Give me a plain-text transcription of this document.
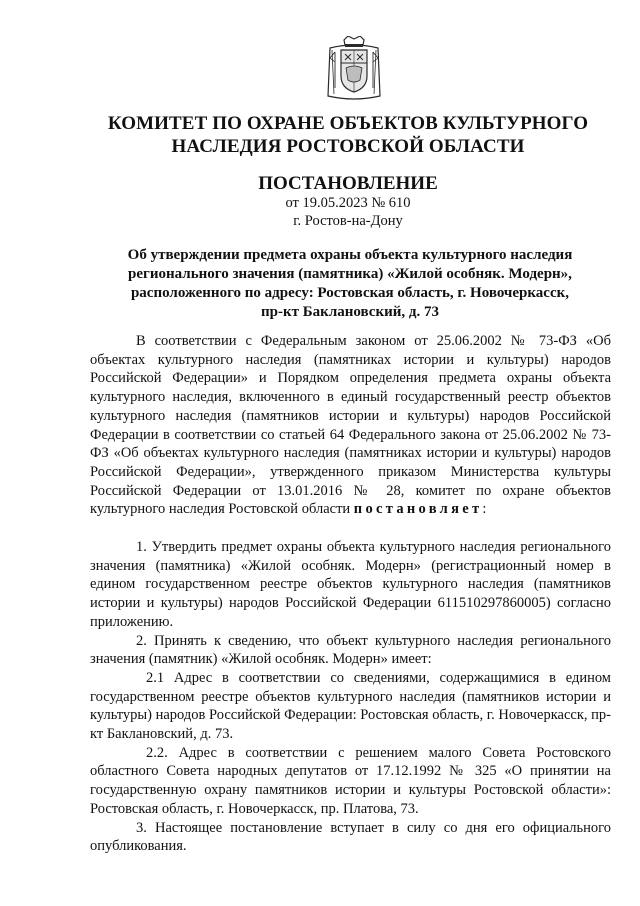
КОМИТЕТ ПО ОХРАНЕ ОБЪЕКТОВ КУЛЬТУРНОГО
НАСЛЕДИЯ РОСТОВСКОЙ ОБЛАСТИ
ПОСТАНОВЛЕНИЕ
от 19.05.2023 № 610
г. Ростов-на-Дону
Об утверждении предмета охраны объекта культурного наследия
регионального значения (памятника) «Жилой особняк. Модерн»,
расположенного по адресу: Ростовская область, г. Новочеркасск,
пр-кт Баклановский, д. 73

В соответствии с Федеральным законом от 25.06.2002 № 73-ФЗ «Об объектах культурного наследия (памятниках истории и культуры) народов Российской Федерации» и Порядком определения предмета охраны объекта культурного наследия, включенного в единый государственный реестр объектов культурного наследия (памятников истории и культуры) народов Российской Федерации в соответствии со статьей 64 Федерального закона от 25.06.2002 № 73-ФЗ «Об объектах культурного наследия (памятниках истории и культуры) народов Российской Федерации», утвержденного приказом Министерства культуры Российской Федерации от 13.01.2016 № 28, комитет по охране объектов культурного наследия Ростовской области постановляет:

1. Утвердить предмет охраны объекта культурного наследия регионального значения (памятника) «Жилой особняк. Модерн» (регистрационный номер в едином государственном реестре объектов культурного наследия (памятников истории и культуры) народов Российской Федерации 611510297860005) согласно приложению.

2. Принять к сведению, что объект культурного наследия регионального значения (памятник) «Жилой особняк. Модерн» имеет:

2.1 Адрес в соответствии со сведениями, содержащимися в едином государственном реестре объектов культурного наследия (памятников истории и культуры) народов Российской Федерации: Ростовская область, г. Новочеркасск, пр-кт Баклановский, д. 73.

2.2. Адрес в соответствии с решением малого Совета Ростовского областного Совета народных депутатов от 17.12.1992 № 325 «О принятии на государственную охрану памятников истории и культуры Ростовской области»: Ростовская область, г. Новочеркасск, пр. Платова, 73.

3. Настоящее постановление вступает в силу со дня его официального опубликования.
